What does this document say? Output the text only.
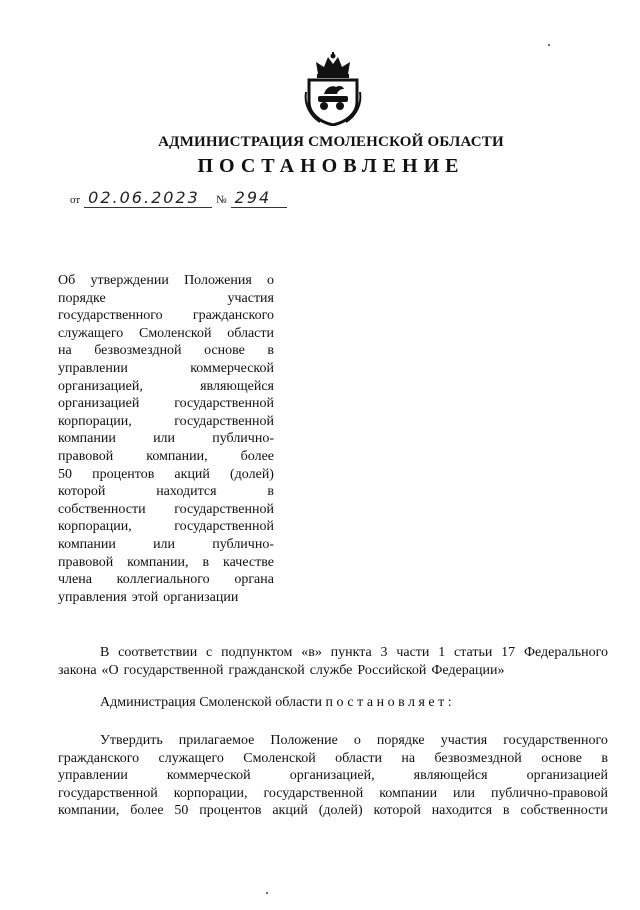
АДМИНИСТРАЦИЯ СМОЛЕНСКОЙ ОБЛАСТИ
ПОСТАНОВЛЕНИЕ
от 02.06.2023	№ 294
Об утверждении Положения о
порядке	участия
государственного гражданского
служащего Смоленской области
на безвозмездной основе в
управлении	коммерческой
организацией,	являющейся
организацией государственной
корпорации,	государственной
компании	или	публично-
правовой компании, более
50 процентов акций (долей)
которой	находится	в
собственности государственной
корпорации,	государственной
компании	или	публично-
правовой компании, в качестве
члена коллегиального органа
управления этой организации
В соответствии с подпунктом «в» пункта 3 части 1 статьи 17 Федерального
закона «О государственной гражданской службе Российской Федерации»
Администрация Смоленской области постановляет:
Утвердить прилагаемое Положение о порядке участия государственного
гражданского служащего Смоленской области на безвозмездной основе в
управлении	коммерческой	организацией,	являющейся	организацией
государственной корпорации, государственной компании или публично-правовой
компании, более 50 процентов акций (долей) которой находится в собственности
